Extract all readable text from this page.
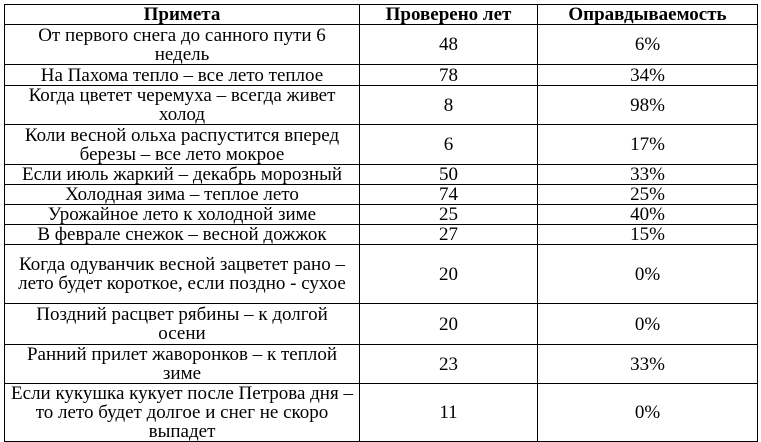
Примета	Проверено лет	Оправдываемость
От первого снега до санного пути 6 недель	48	6%
На Пахома тепло – все лето теплое	78	34%
Когда цветет черемуха – всегда живет холод	8	98%
Коли весной ольха распустится вперед березы – все лето мокрое	6	17%
Если июль жаркий – декабрь морозный	50	33%
Холодная зима – теплое лето	74	25%
Урожайное лето к холодной зиме	25	40%
В феврале снежок – весной дожжок	27	15%
Когда одуванчик весной зацветет рано – лето будет короткое, если поздно - сухое	20	0%
Поздний расцвет рябины – к долгой осени	20	0%
Ранний прилет жаворонков – к теплой зиме	23	33%
Если кукушка кукует после Петрова дня – то лето будет долгое и снег не скоро выпадет	11	0%
